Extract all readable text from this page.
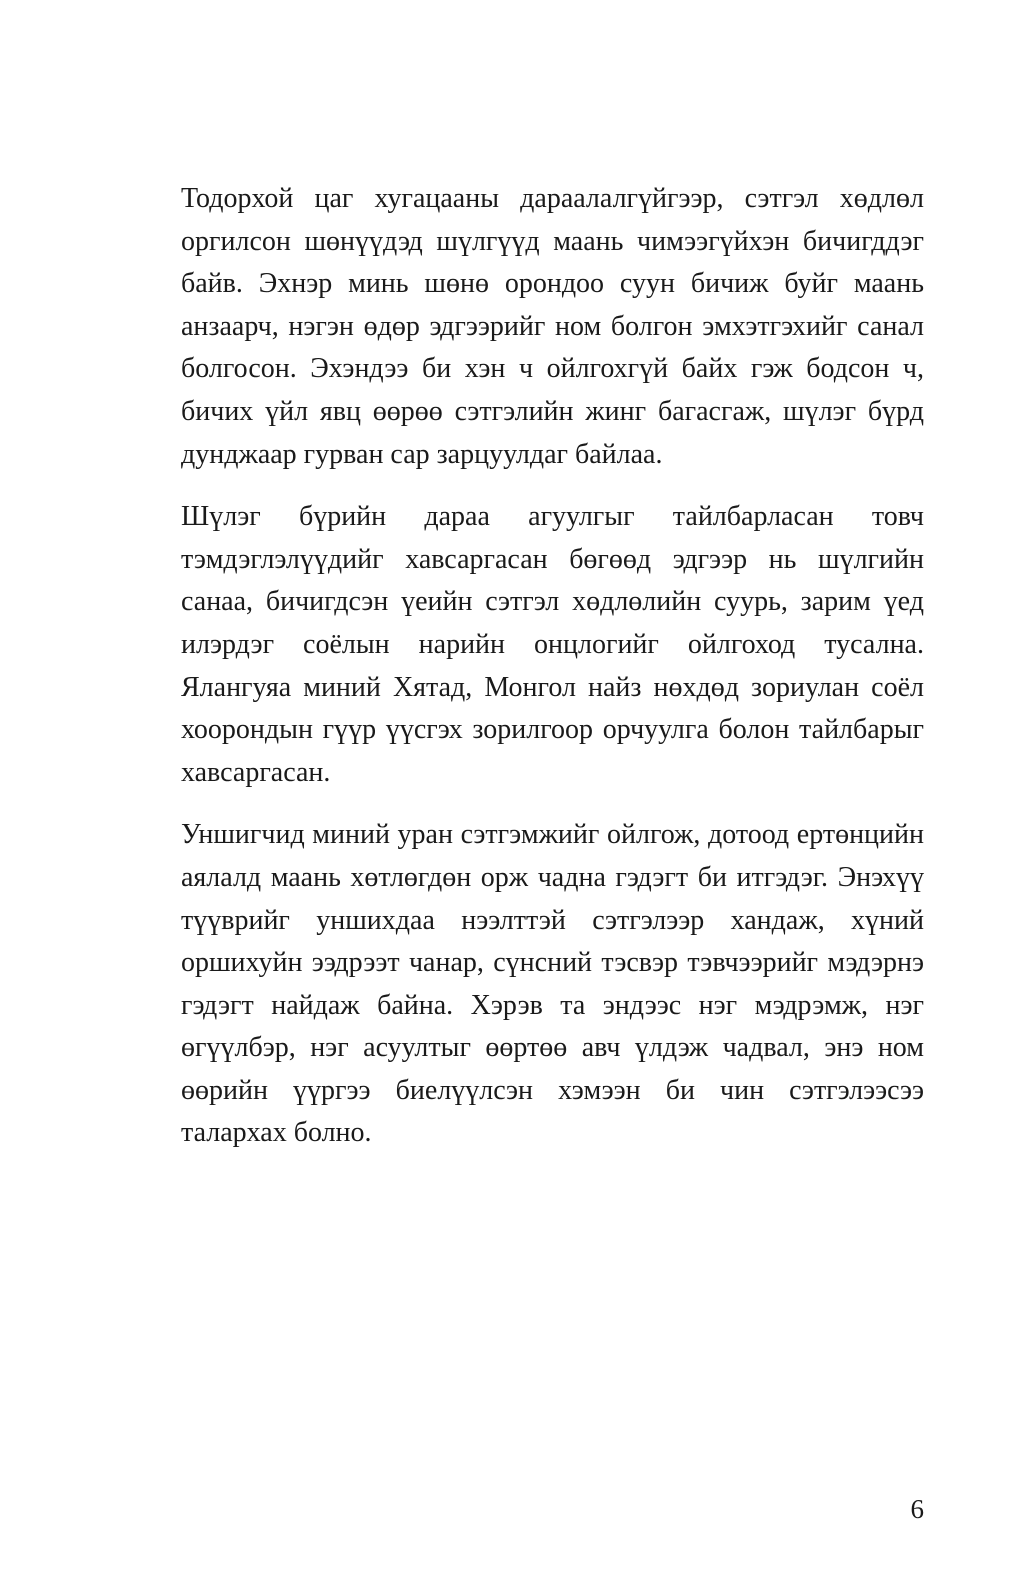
Тодорхой цаг хугацааны дараалалгүйгээр, сэтгэл хөдлөл оргилсон шөнүүдэд шүлгүүд маань чимээгүйхэн бичигддэг байв. Эхнэр минь шөнө орондоо суун бичиж буйг маань анзаарч, нэгэн өдөр эдгээрийг ном болгон эмхэтгэхийг санал болгосон. Эхэндээ би хэн ч ойлгохгүй байх гэж бодсон ч, бичих үйл явц өөрөө сэтгэлийн жинг багасгаж, шүлэг бүрд дунджаар гурван сар зарцуулдаг байлаа.

Шүлэг бүрийн дараа агуулгыг тайлбарласан товч тэмдэглэлүүдийг хавсаргасан бөгөөд эдгээр нь шүлгийн санаа, бичигдсэн үеийн сэтгэл хөдлөлийн суурь, зарим үед илэрдэг соёлын нарийн онцлогийг ойлгоход тусална. Ялангуяа миний Хятад, Монгол найз нөхдөд зориулан соёл хоорондын гүүр үүсгэх зорилгоор орчуулга болон тайлбарыг хавсаргасан.

Уншигчид миний уран сэтгэмжийг ойлгож, дотоод ертөнцийн аялалд маань хөтлөгдөн орж чадна гэдэгт би итгэдэг. Энэхүү түүврийг уншихдаа нээлттэй сэтгэлээр хандаж, хүний оршихуйн ээдрээт чанар, сүнсний тэсвэр тэвчээрийг мэдэрнэ гэдэгт найдаж байна. Хэрэв та эндээс нэг мэдрэмж, нэг өгүүлбэр, нэг асуултыг өөртөө авч үлдэж чадвал, энэ ном өөрийн үүргээ биелүүлсэн хэмээн би чин сэтгэлээсээ талархах болно.

6
